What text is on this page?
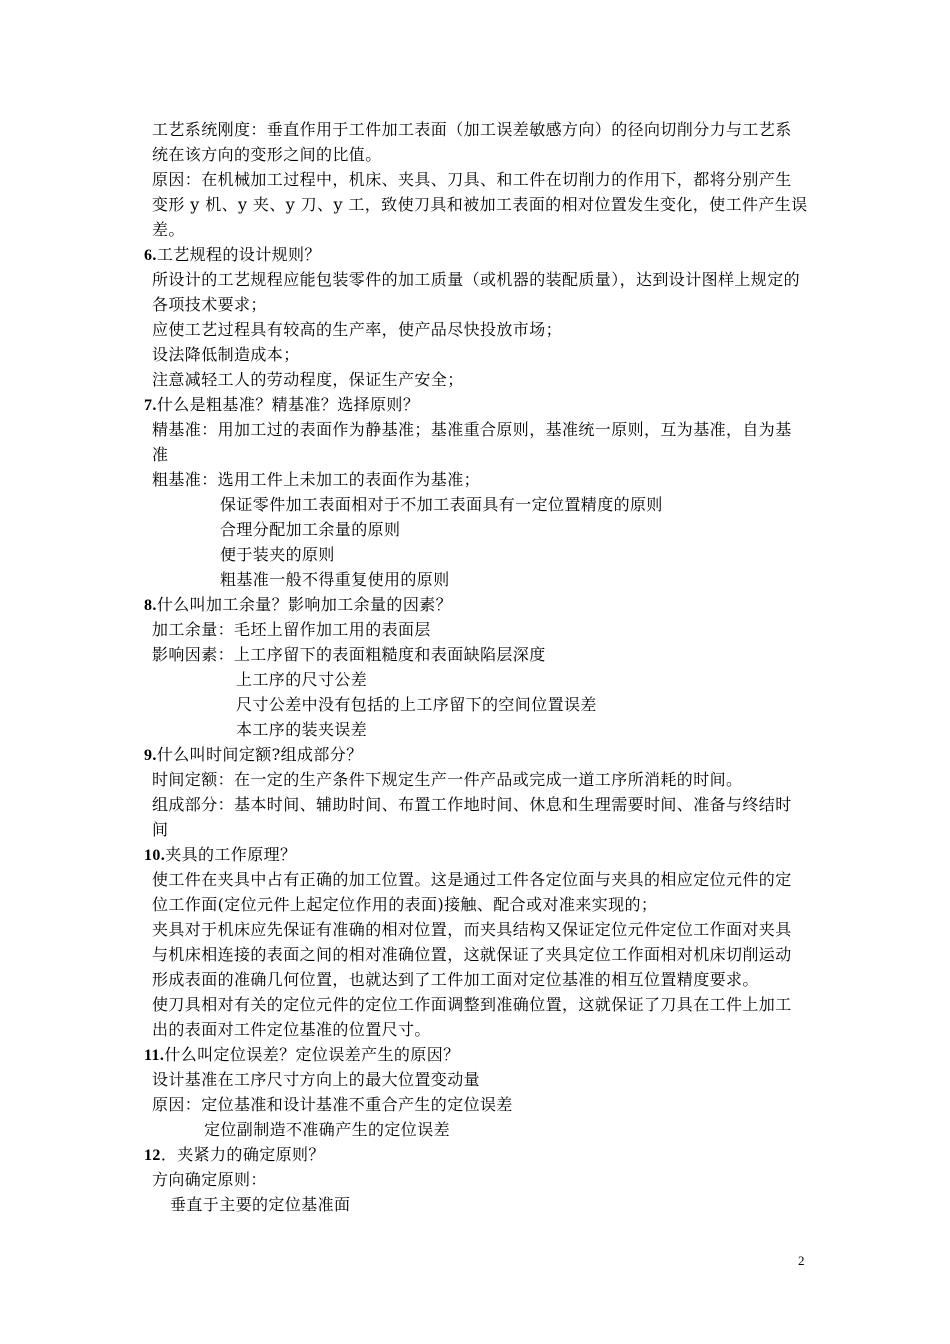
工艺系统刚度：垂直作用于工件加工表面（加工误差敏感方向）的径向切削分力与工艺系
统在该方向的变形之间的比值。
原因：在机械加工过程中，机床、夹具、刀具、和工件在切削力的作用下，都将分别产生
变形 y 机、y 夹、y 刀、y 工，致使刀具和被加工表面的相对位置发生变化，使工件产生误
差。
6.工艺规程的设计规则？
所设计的工艺规程应能包装零件的加工质量（或机器的装配质量），达到设计图样上规定的
各项技术要求；
应使工艺过程具有较高的生产率，使产品尽快投放市场；
设法降低制造成本；
注意减轻工人的劳动程度，保证生产安全；
7.什么是粗基准？精基准？选择原则？
精基准：用加工过的表面作为静基准；基准重合原则，基准统一原则，互为基准，自为基
准
粗基准：选用工件上未加工的表面作为基准；
保证零件加工表面相对于不加工表面具有一定位置精度的原则
合理分配加工余量的原则
便于装夹的原则
粗基准一般不得重复使用的原则
8.什么叫加工余量？影响加工余量的因素？
加工余量：毛坯上留作加工用的表面层
影响因素：上工序留下的表面粗糙度和表面缺陷层深度
上工序的尺寸公差
尺寸公差中没有包括的上工序留下的空间位置误差
本工序的装夹误差
9.什么叫时间定额?组成部分？
时间定额：在一定的生产条件下规定生产一件产品或完成一道工序所消耗的时间。
组成部分：基本时间、辅助时间、布置工作地时间、休息和生理需要时间、准备与终结时
间
10.夹具的工作原理？
使工件在夹具中占有正确的加工位置。这是通过工件各定位面与夹具的相应定位元件的定
位工作面(定位元件上起定位作用的表面)接触、配合或对准来实现的；
夹具对于机床应先保证有准确的相对位置，而夹具结构又保证定位元件定位工作面对夹具
与机床相连接的表面之间的相对准确位置，这就保证了夹具定位工作面相对机床切削运动
形成表面的准确几何位置，也就达到了工件加工面对定位基准的相互位置精度要求。
使刀具相对有关的定位元件的定位工作面调整到准确位置，这就保证了刀具在工件上加工
出的表面对工件定位基准的位置尺寸。
11.什么叫定位误差？定位误差产生的原因？
设计基准在工序尺寸方向上的最大位置变动量
原因：定位基准和设计基准不重合产生的定位误差
定位副制造不准确产生的定位误差
12．夹紧力的确定原则？
方向确定原则：
垂直于主要的定位基准面
2
